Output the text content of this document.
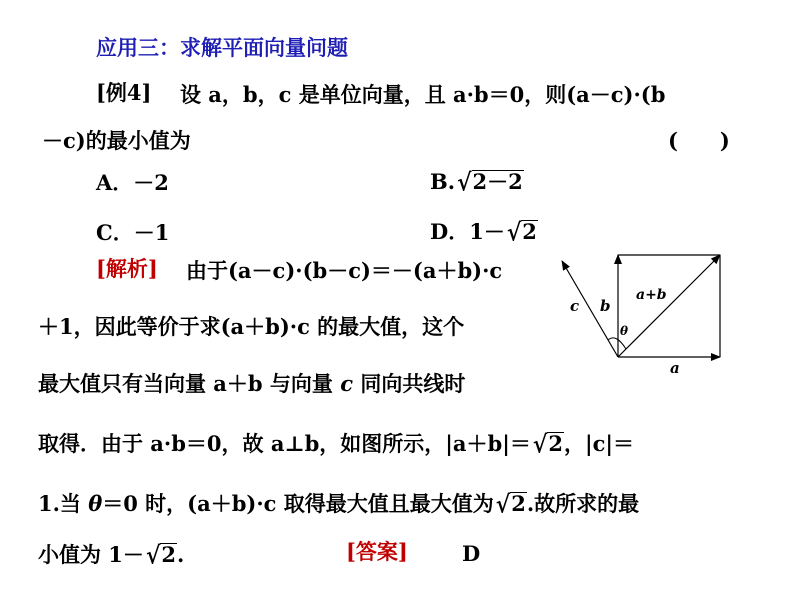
应用三：求解平面向量问题
[例4] 设 a，b，c 是单位向量，且 a·b＝0，则(a－c)·(b
－c)的最小值为	(　　)
A．－2	B.√2－2
C．－1	D．1－√2
[解析] 由于(a－c)·(b－c)＝－(a＋b)·c
＋1，因此等价于求(a＋b)·c 的最大值，这个
最大值只有当向量 a＋b 与向量 c 同向共线时
取得．由于 a·b＝0，故 a⊥b，如图所示，|a＋b|＝√2，|c|＝
1.当 θ＝0 时，(a＋b)·c 取得最大值且最大值为√2.故所求的最
小值为 1－√2.	[答案]	D
c b
a+b
θ
a
